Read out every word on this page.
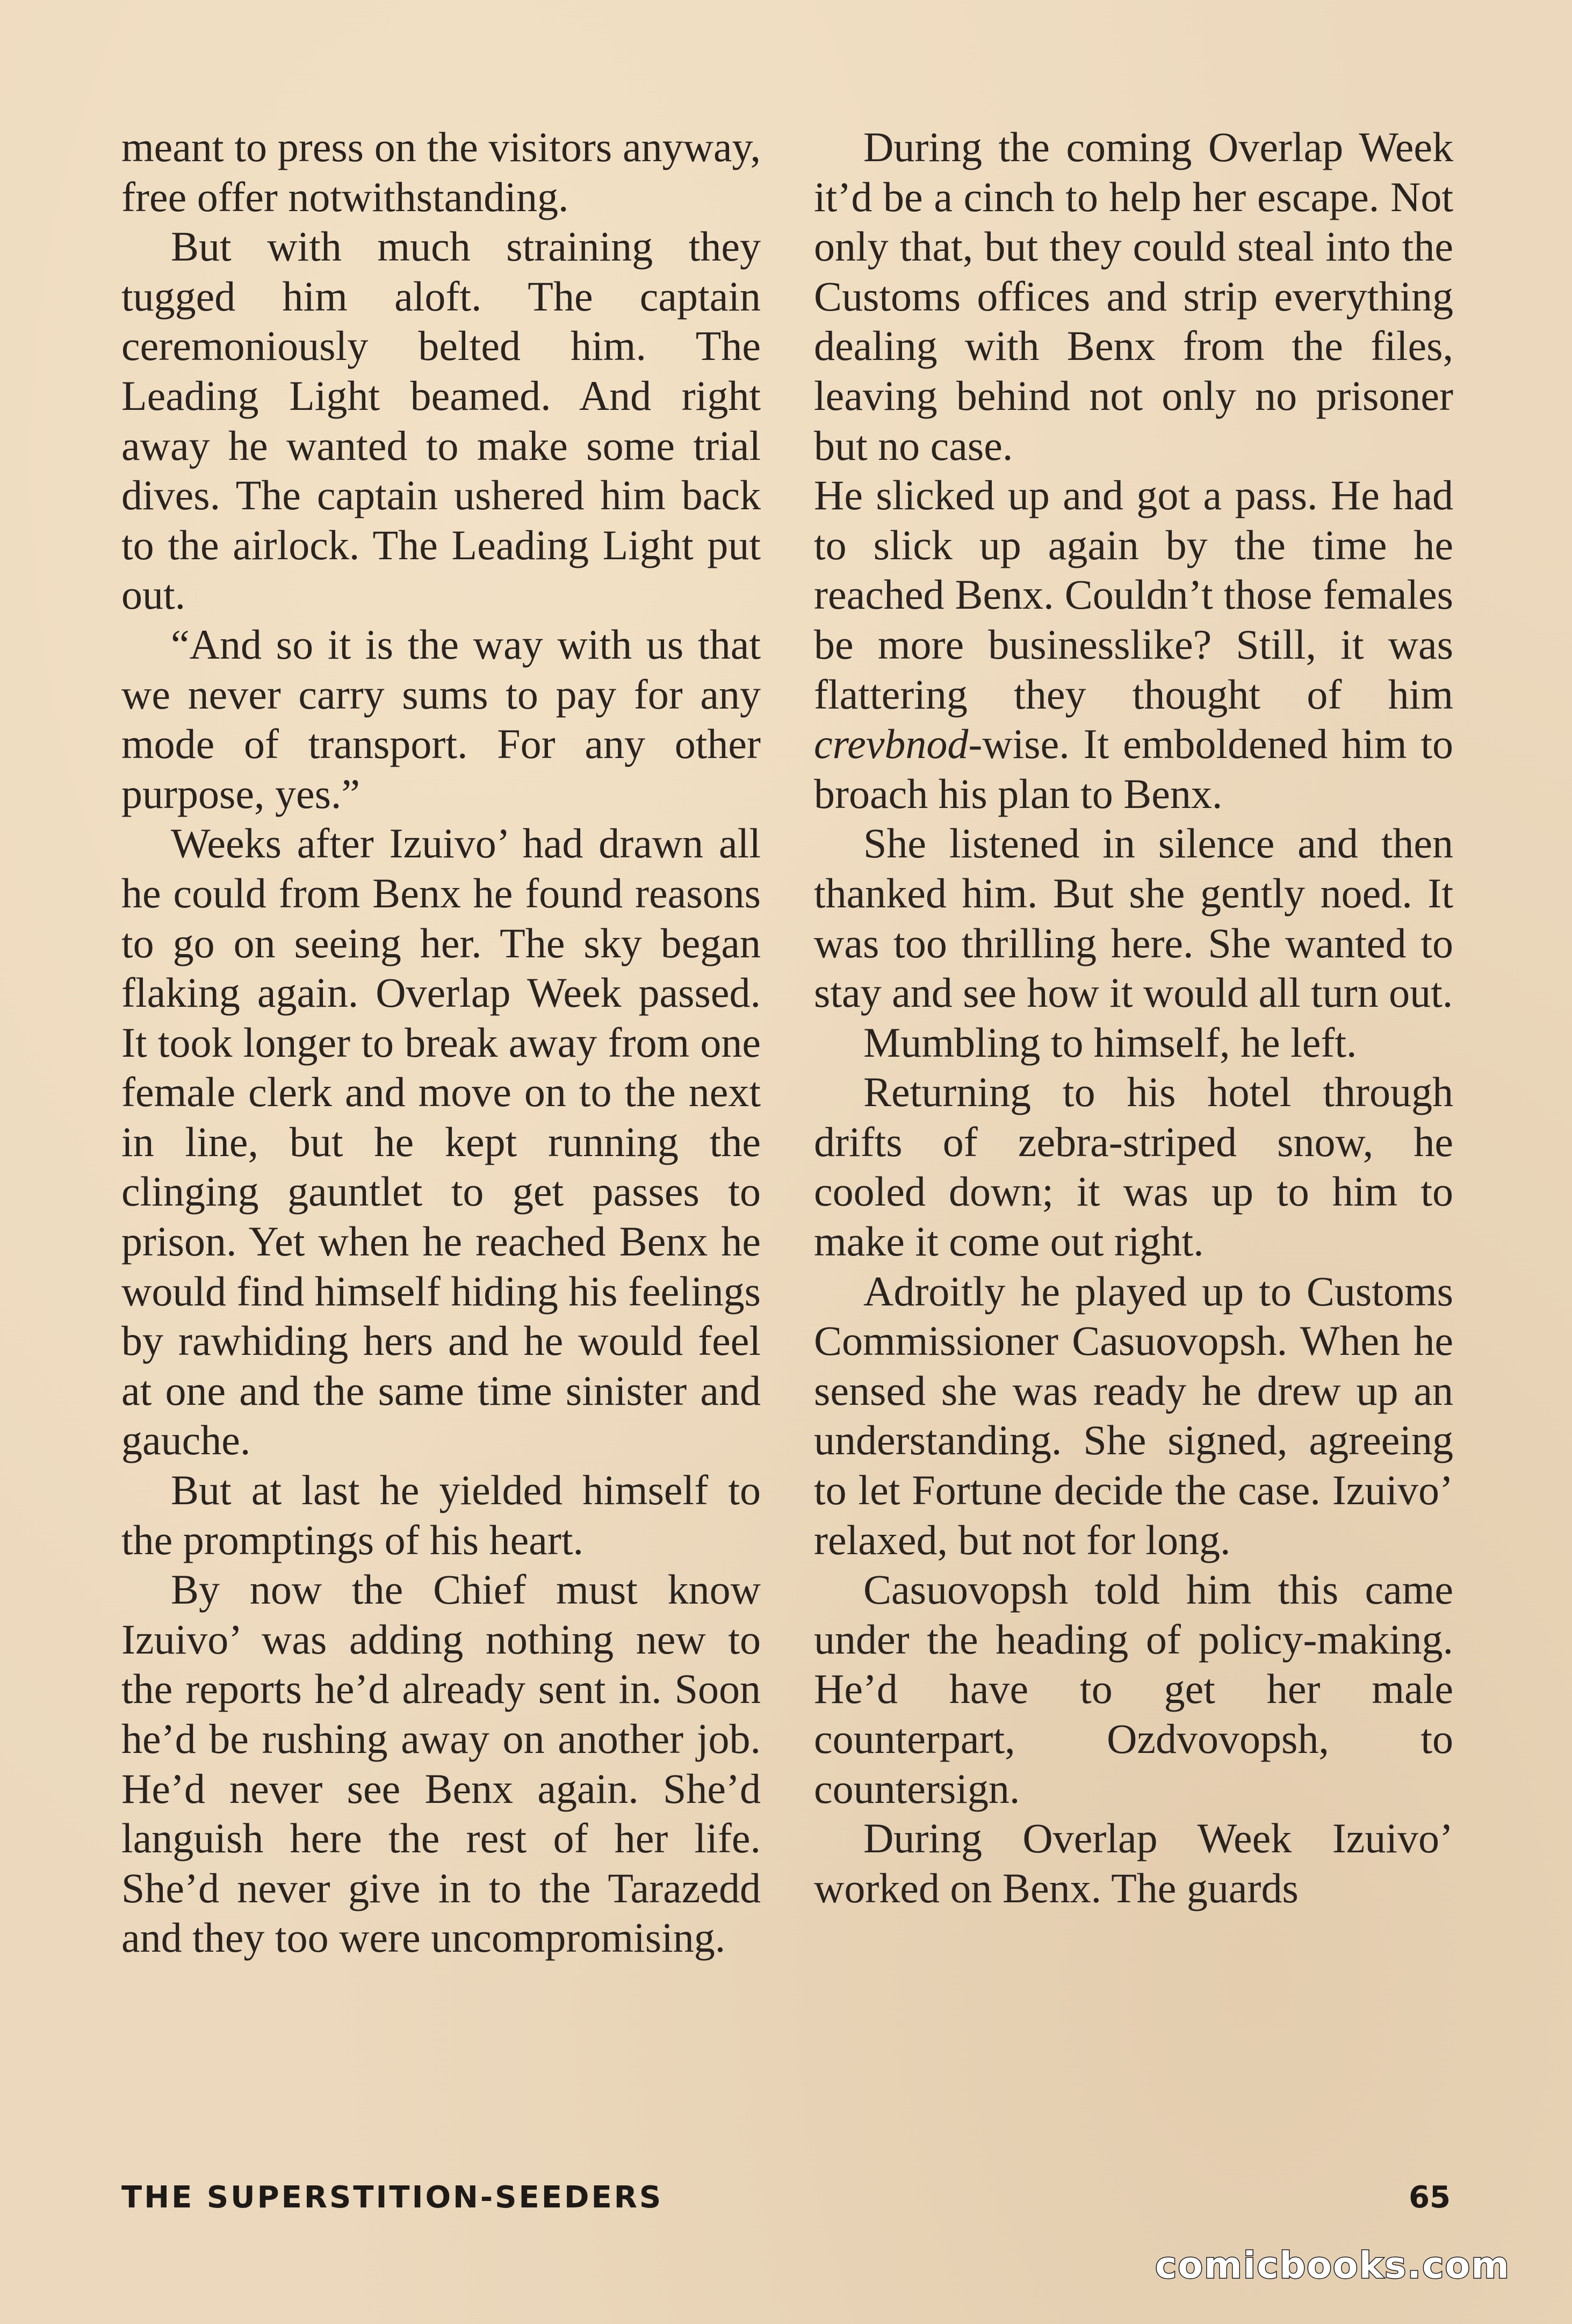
meant to press on the visitors anyway, free offer notwithstanding.

But with much straining they tugged him aloft. The captain ceremoniously belted him. The Leading Light beamed. And right away he wanted to make some trial dives. The captain ushered him back to the airlock. The Leading Light put out.

“And so it is the way with us that we never carry sums to pay for any mode of transport. For any other purpose, yes.”

Weeks after Izuivo’ had drawn all he could from Benx he found reasons to go on seeing her. The sky began flaking again. Overlap Week passed. It took longer to break away from one female clerk and move on to the next in line, but he kept running the clinging gauntlet to get passes to prison. Yet when he reached Benx he would find himself hiding his feelings by rawhiding hers and he would feel at one and the same time sinister and gauche.

But at last he yielded himself to the promptings of his heart.

By now the Chief must know Izuivo’ was adding nothing new to the reports he’d already sent in. Soon he’d be rushing away on another job. He’d never see Benx again. She’d languish here the rest of her life. She’d never give in to the Tarazedd and they too were uncompromising.

During the coming Overlap Week it’d be a cinch to help her escape. Not only that, but they could steal into the Customs offices and strip everything dealing with Benx from the files, leaving behind not only no prisoner but no case.

He slicked up and got a pass. He had to slick up again by the time he reached Benx. Couldn’t those females be more businesslike? Still, it was flattering they thought of him crevbnod-wise. It emboldened him to broach his plan to Benx.

She listened in silence and then thanked him. But she gently noed. It was too thrilling here. She wanted to stay and see how it would all turn out.

Mumbling to himself, he left.

Returning to his hotel through drifts of zebra-striped snow, he cooled down; it was up to him to make it come out right.

Adroitly he played up to Customs Commissioner Casuovopsh. When he sensed she was ready he drew up an understanding. She signed, agreeing to let Fortune decide the case. Izuivo’ relaxed, but not for long.

Casuovopsh told him this came under the heading of policy-making. He’d have to get her male counterpart, Ozdvovopsh, to countersign.

During Overlap Week Izuivo’ worked on Benx. The guards

THE SUPERSTITION-SEEDERS	65
comicbooks.com
